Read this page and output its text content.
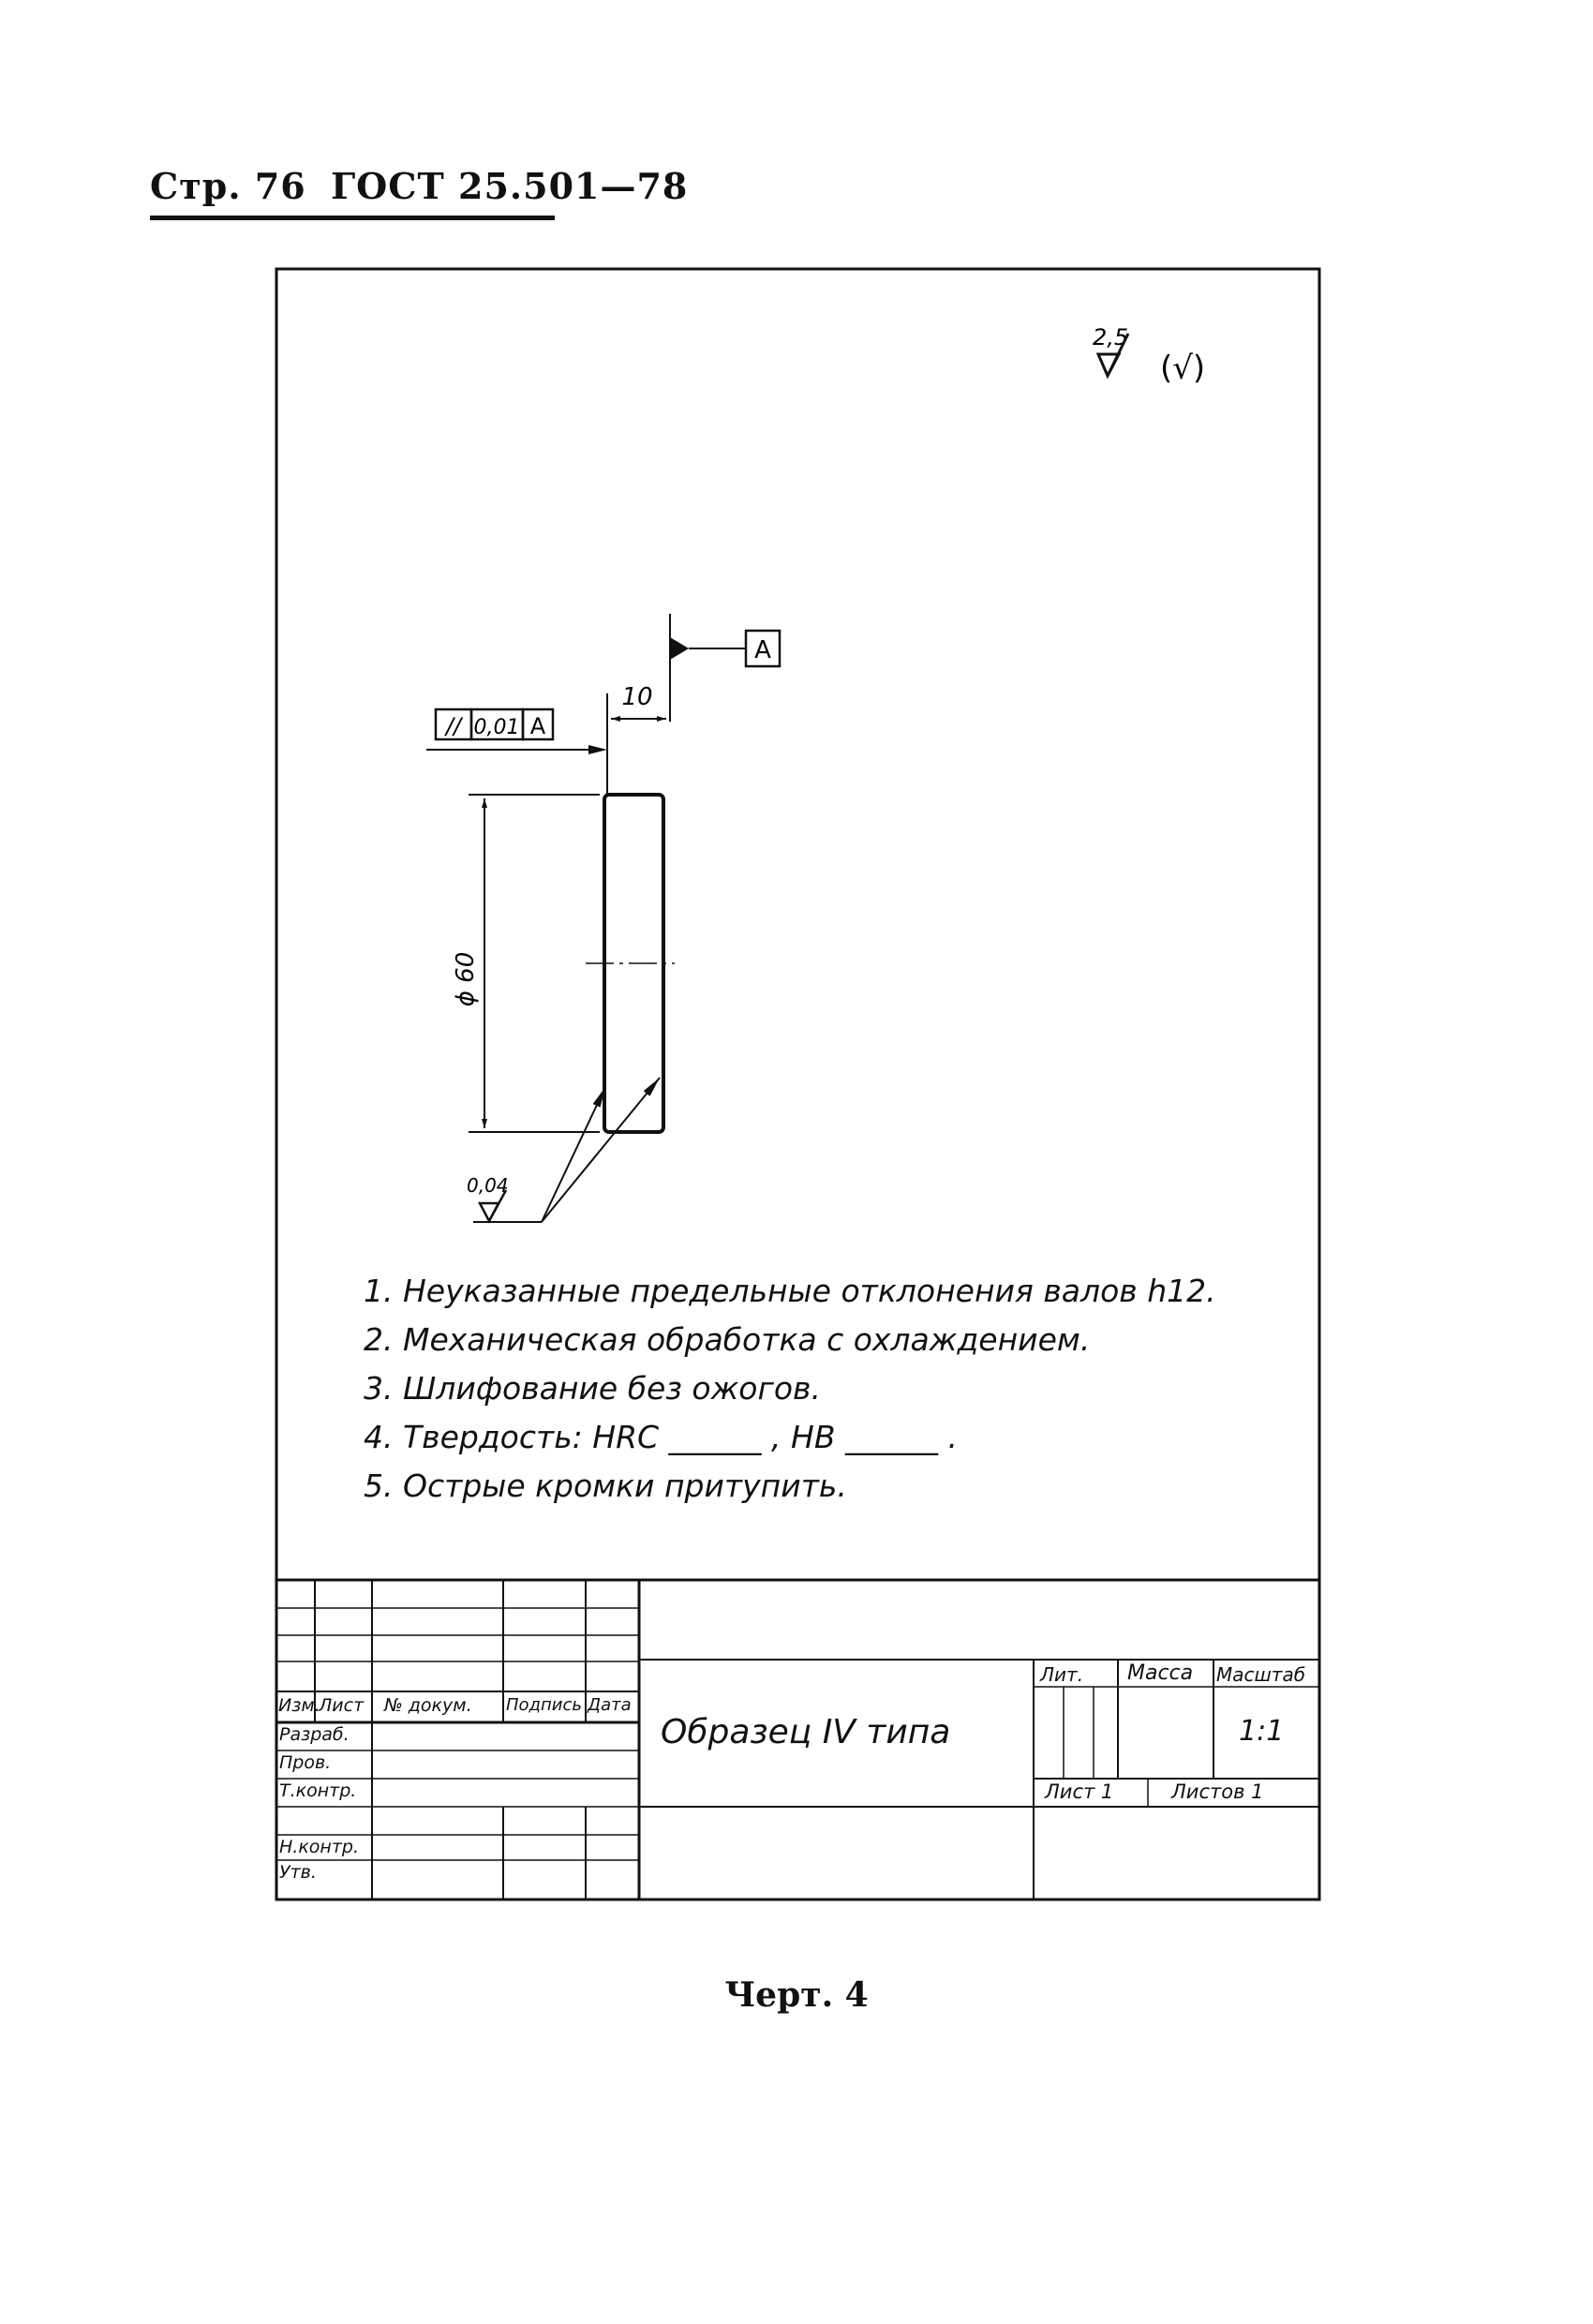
Стр. 76 ГОСТ 25.501—78
2,5
(√)
A
10
// 0,01 A
ϕ 60
0,04
1. Неуказанные предельные отклонения валов h12.
2. Механическая обработка с охлаждением.
3. Шлифование без ожогов.
4. Твердость: HRC ______ , HB ______ .
5. Острые кромки притупить.
Изм.
Лист № докум. Подпись Дата
Разраб.
Пров.
Т.контр.
Н.контр.
Утв.
Образец IV типа
Лит. Масса Масштаб
1:1
Лист 1	Листов 1
Черт. 4
